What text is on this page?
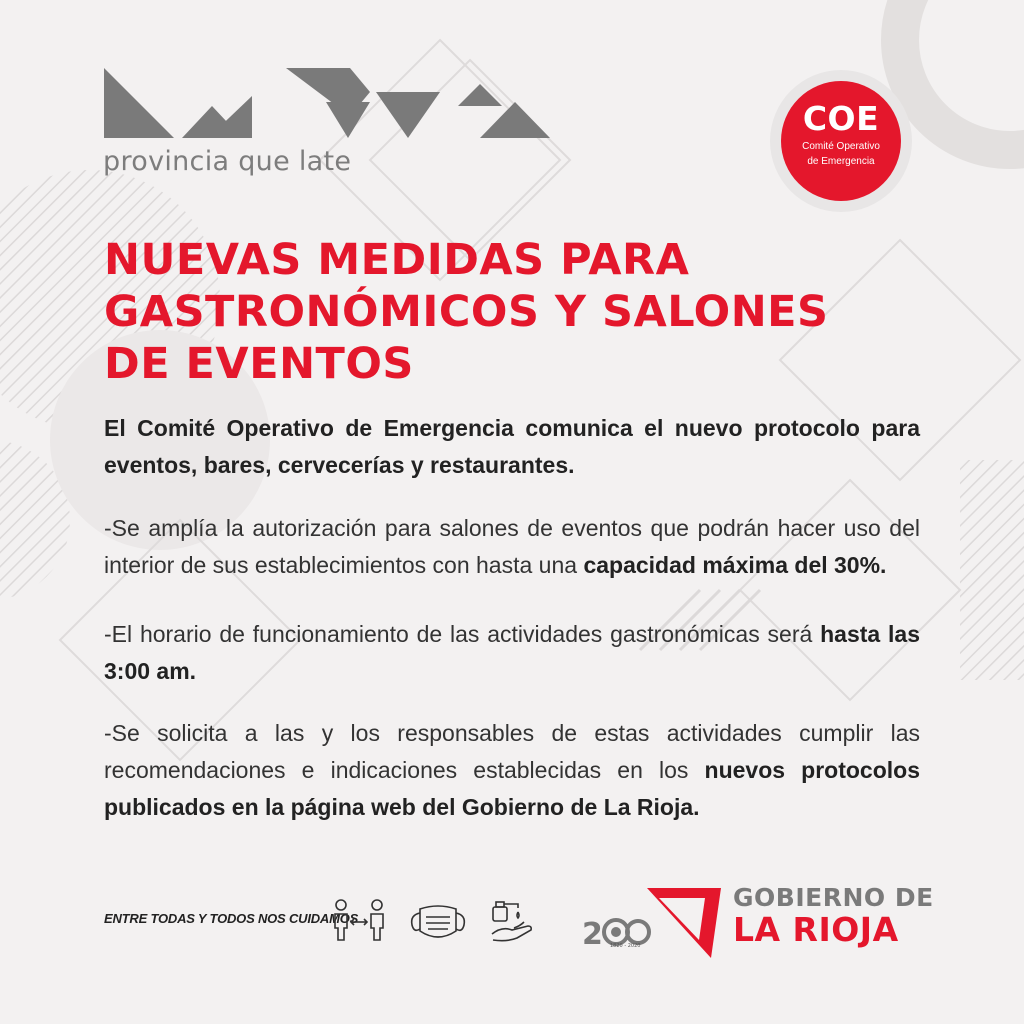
provincia que late
COE
Comité Operativo
de Emergencia
NUEVAS MEDIDAS PARA
GASTRONÓMICOS Y SALONES
DE EVENTOS
El Comité Operativo de Emergencia comunica el nuevo protocolo para eventos, bares, cervecerías y restaurantes.
-Se amplía la autorización para salones de eventos que podrán hacer uso del interior de sus establecimientos con hasta una capacidad máxima del 30%.
-El horario de funcionamiento de las actividades gastronómicas será hasta las 3:00 am.
-Se solicita a las y los responsables de estas actividades cumplir las recomendaciones e indicaciones establecidas en los nuevos protocolos publicados en la página web del Gobierno de La Rioja.
ENTRE TODAS Y TODOS NOS CUIDAMOS	2 1820 - 2020
GOBIERNO DE
LA RIOJA
